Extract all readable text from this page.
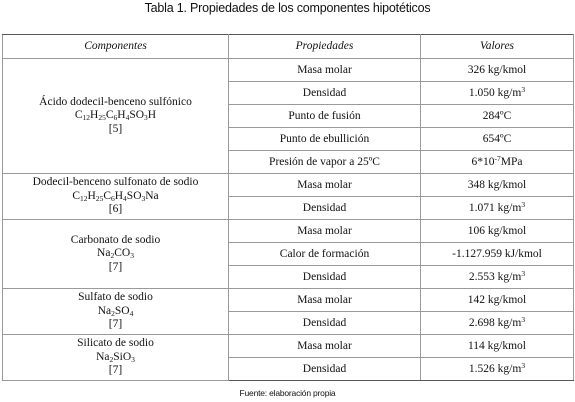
Tabla 1. Propiedades de los componentes hipotéticos
Componentes	Propiedades	Valores

Ácido dodecil-benceno sulfónico
$C_{12}H_{25}C_6H_4SO_3H$
[5]	Masa molar	326 kg/kmol
	Densidad	1.050 $kg/m^3$
	Punto de fusión	284ºC
	Punto de ebullición	654ºC
	Presión de vapor a 25ºC	$6*10^{-7}MPa$

Dodecil-benceno sulfonato de sodio
$C_{12}H_{25}C_6H_4SO_3Na$
[6]	Masa molar	348 kg/kmol
	Densidad	1.071 $kg/m^3$

Carbonato de sodio
$Na_2CO_3$
[7]	Masa molar	106 kg/kmol
	Calor de formación	-1.127.959 kJ/kmol
	Densidad	2.553 $kg/m^3$

Sulfato de sodio
$Na_2SO_4$
[7]	Masa molar	142 kg/kmol
	Densidad	2.698 $kg/m^3$

Silicato de sodio
$Na_2SiO_3$
[7]	Masa molar	114 kg/kmol
	Densidad	1.526 $kg/m^3$
Fuente: elaboración propia
